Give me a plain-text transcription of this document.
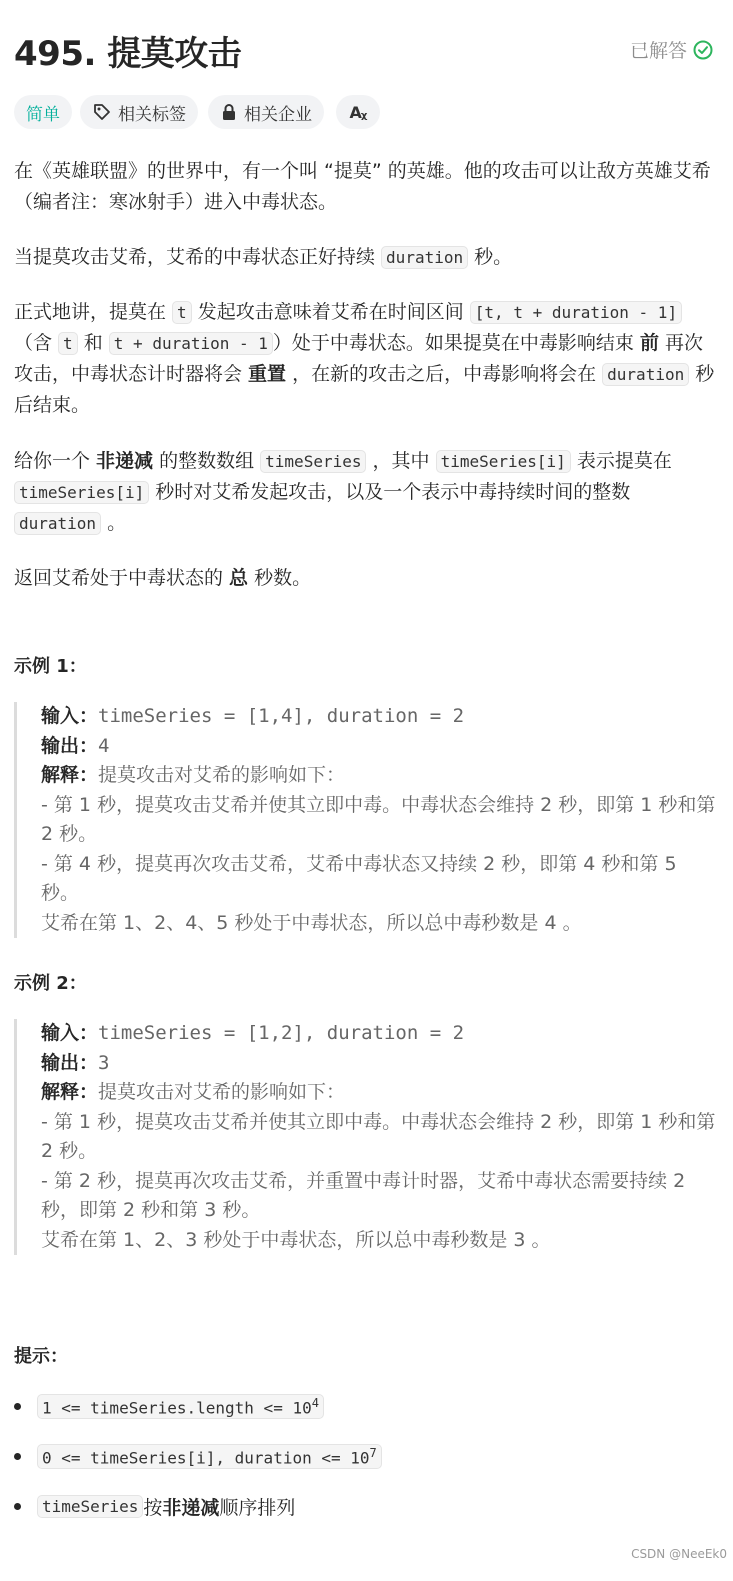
495. 提莫攻击	已解答
简单	相关标签	相关企业 Aᵪ
在《英雄联盟》的世界中，有一个叫 “提莫” 的英雄。他的攻击可以让敌方英雄艾希（编者注：寒冰射手）进入中毒状态。
当提莫攻击艾希，艾希的中毒状态正好持续 duration 秒。
正式地讲，提莫在 t 发起攻击意味着艾希在时间区间 [t, t + duration - 1]（含 t 和 t + duration - 1 ）处于中毒状态。如果提莫在中毒影响结束 前 再次攻击，中毒状态计时器将会 重置 ，在新的攻击之后，中毒影响将会在 duration 秒后结束。
给你一个 非递减 的整数数组 timeSeries ，其中 timeSeries[i] 表示提莫在 timeSeries[i] 秒时对艾希发起攻击，以及一个表示中毒持续时间的整数 duration 。
返回艾希处于中毒状态的 总 秒数。
示例 1：
输入：timeSeries = [1,4], duration = 2
输出：4
解释：提莫攻击对艾希的影响如下：
- 第 1 秒，提莫攻击艾希并使其立即中毒。中毒状态会维持 2 秒，即第 1 秒和第 2 秒。
- 第 4 秒，提莫再次攻击艾希，艾希中毒状态又持续 2 秒，即第 4 秒和第 5 秒。
艾希在第 1、2、4、5 秒处于中毒状态，所以总中毒秒数是 4 。
示例 2：
输入：timeSeries = [1,2], duration = 2
输出：3
解释：提莫攻击对艾希的影响如下：
- 第 1 秒，提莫攻击艾希并使其立即中毒。中毒状态会维持 2 秒，即第 1 秒和第 2 秒。
- 第 2 秒，提莫再次攻击艾希，并重置中毒计时器，艾希中毒状态需要持续 2 秒，即第 2 秒和第 3 秒。
艾希在第 1、2、3 秒处于中毒状态，所以总中毒秒数是 3 。
提示：
1 <= timeSeries.length <= $10^4$
0 <= timeSeries[i], duration <= $10^7$
timeSeries 按 非递减 顺序排列
CSDN @NeeEk0
